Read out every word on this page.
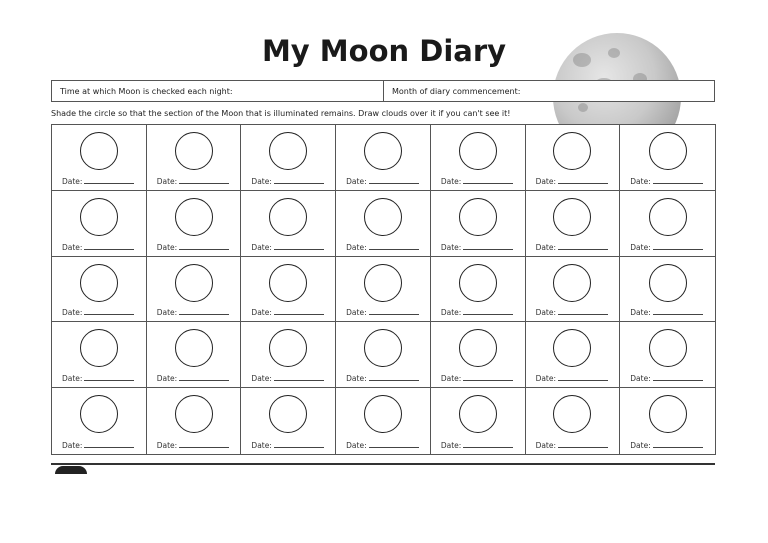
My Moon Diary
Time at which Moon is checked each night:	Month of diary commencement:
Shade the circle so that the section of the Moon that is illuminated remains. Draw clouds over it if you can't see it!
Date:	Date:	Date:	Date:	Date:	Date:	Date:
Date:	Date:	Date:	Date:	Date:	Date:	Date:
Date:	Date:	Date:	Date:	Date:	Date:	Date:
Date:	Date:	Date:	Date:	Date:	Date:	Date:
Date:	Date:	Date:	Date:	Date:	Date:	Date:
